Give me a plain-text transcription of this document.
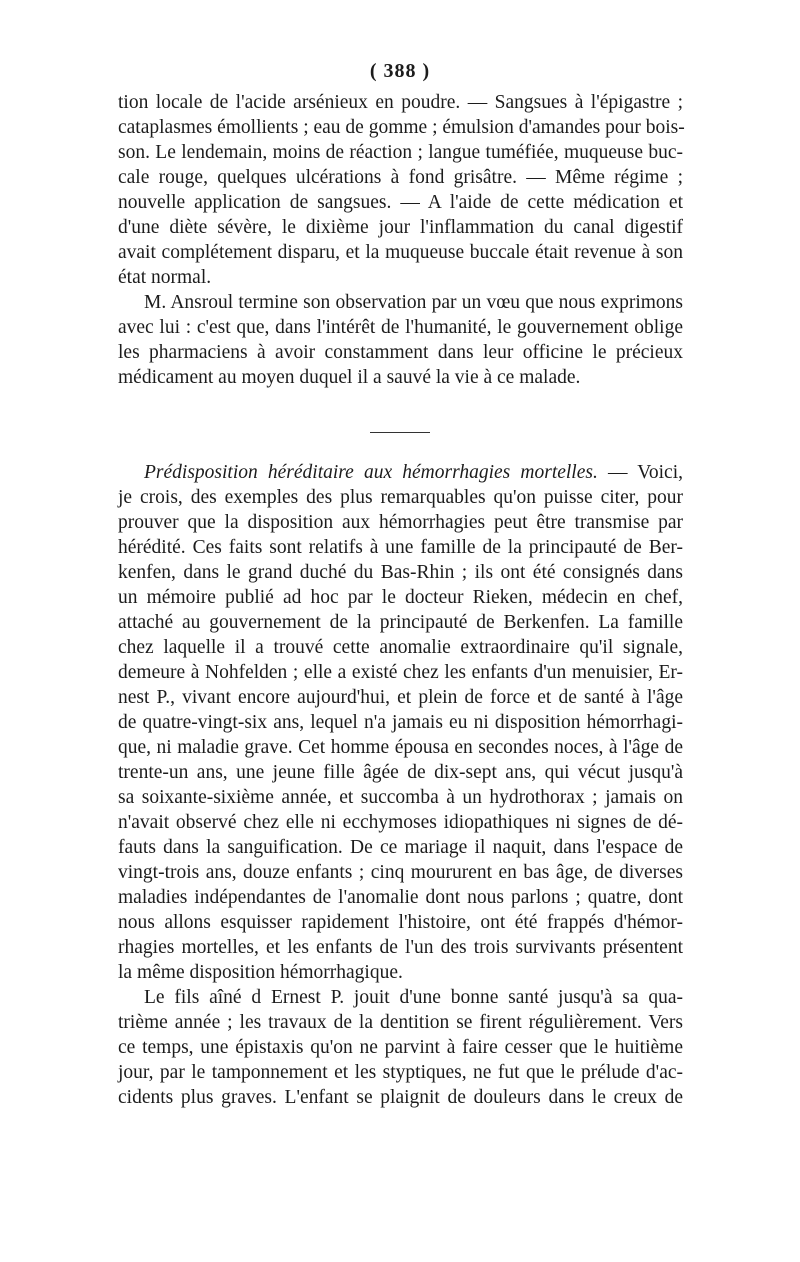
( 388 )
tion locale de l'acide arsénieux en poudre. — Sangsues à l'épigastre ;
cataplasmes émollients ; eau de gomme ; émulsion d'amandes pour bois-
son. Le lendemain, moins de réaction ; langue tuméfiée, muqueuse buc-
cale rouge, quelques ulcérations à fond grisâtre. — Même régime ;
nouvelle application de sangsues. — A l'aide de cette médication et
d'une diète sévère, le dixième jour l'inflammation du canal digestif
avait complétement disparu, et la muqueuse buccale était revenue à son
état normal.
M. Ansroul termine son observation par un vœu que nous exprimons
avec lui : c'est que, dans l'intérêt de l'humanité, le gouvernement oblige
les pharmaciens à avoir constamment dans leur officine le précieux
médicament au moyen duquel il a sauvé la vie à ce malade.
Prédisposition héréditaire aux hémorrhagies mortelles. — Voici,
je crois, des exemples des plus remarquables qu'on puisse citer, pour
prouver que la disposition aux hémorrhagies peut être transmise par
hérédité. Ces faits sont relatifs à une famille de la principauté de Ber-
kenfen, dans le grand duché du Bas-Rhin ; ils ont été consignés dans
un mémoire publié ad hoc par le docteur Rieken, médecin en chef,
attaché au gouvernement de la principauté de Berkenfen. La famille
chez laquelle il a trouvé cette anomalie extraordinaire qu'il signale,
demeure à Nohfelden ; elle a existé chez les enfants d'un menuisier, Er-
nest P., vivant encore aujourd'hui, et plein de force et de santé à l'âge
de quatre-vingt-six ans, lequel n'a jamais eu ni disposition hémorrhagi-
que, ni maladie grave. Cet homme épousa en secondes noces, à l'âge de
trente-un ans, une jeune fille âgée de dix-sept ans, qui vécut jusqu'à
sa soixante-sixième année, et succomba à un hydrothorax ; jamais on
n'avait observé chez elle ni ecchymoses idiopathiques ni signes de dé-
fauts dans la sanguification. De ce mariage il naquit, dans l'espace de
vingt-trois ans, douze enfants ; cinq moururent en bas âge, de diverses
maladies indépendantes de l'anomalie dont nous parlons ; quatre, dont
nous allons esquisser rapidement l'histoire, ont été frappés d'hémor-
rhagies mortelles, et les enfants de l'un des trois survivants présentent
la même disposition hémorrhagique.
Le fils aîné d Ernest P. jouit d'une bonne santé jusqu'à sa qua-
trième année ; les travaux de la dentition se firent régulièrement. Vers
ce temps, une épistaxis qu'on ne parvint à faire cesser que le huitième
jour, par le tamponnement et les styptiques, ne fut que le prélude d'ac-
cidents plus graves. L'enfant se plaignit de douleurs dans le creux de
